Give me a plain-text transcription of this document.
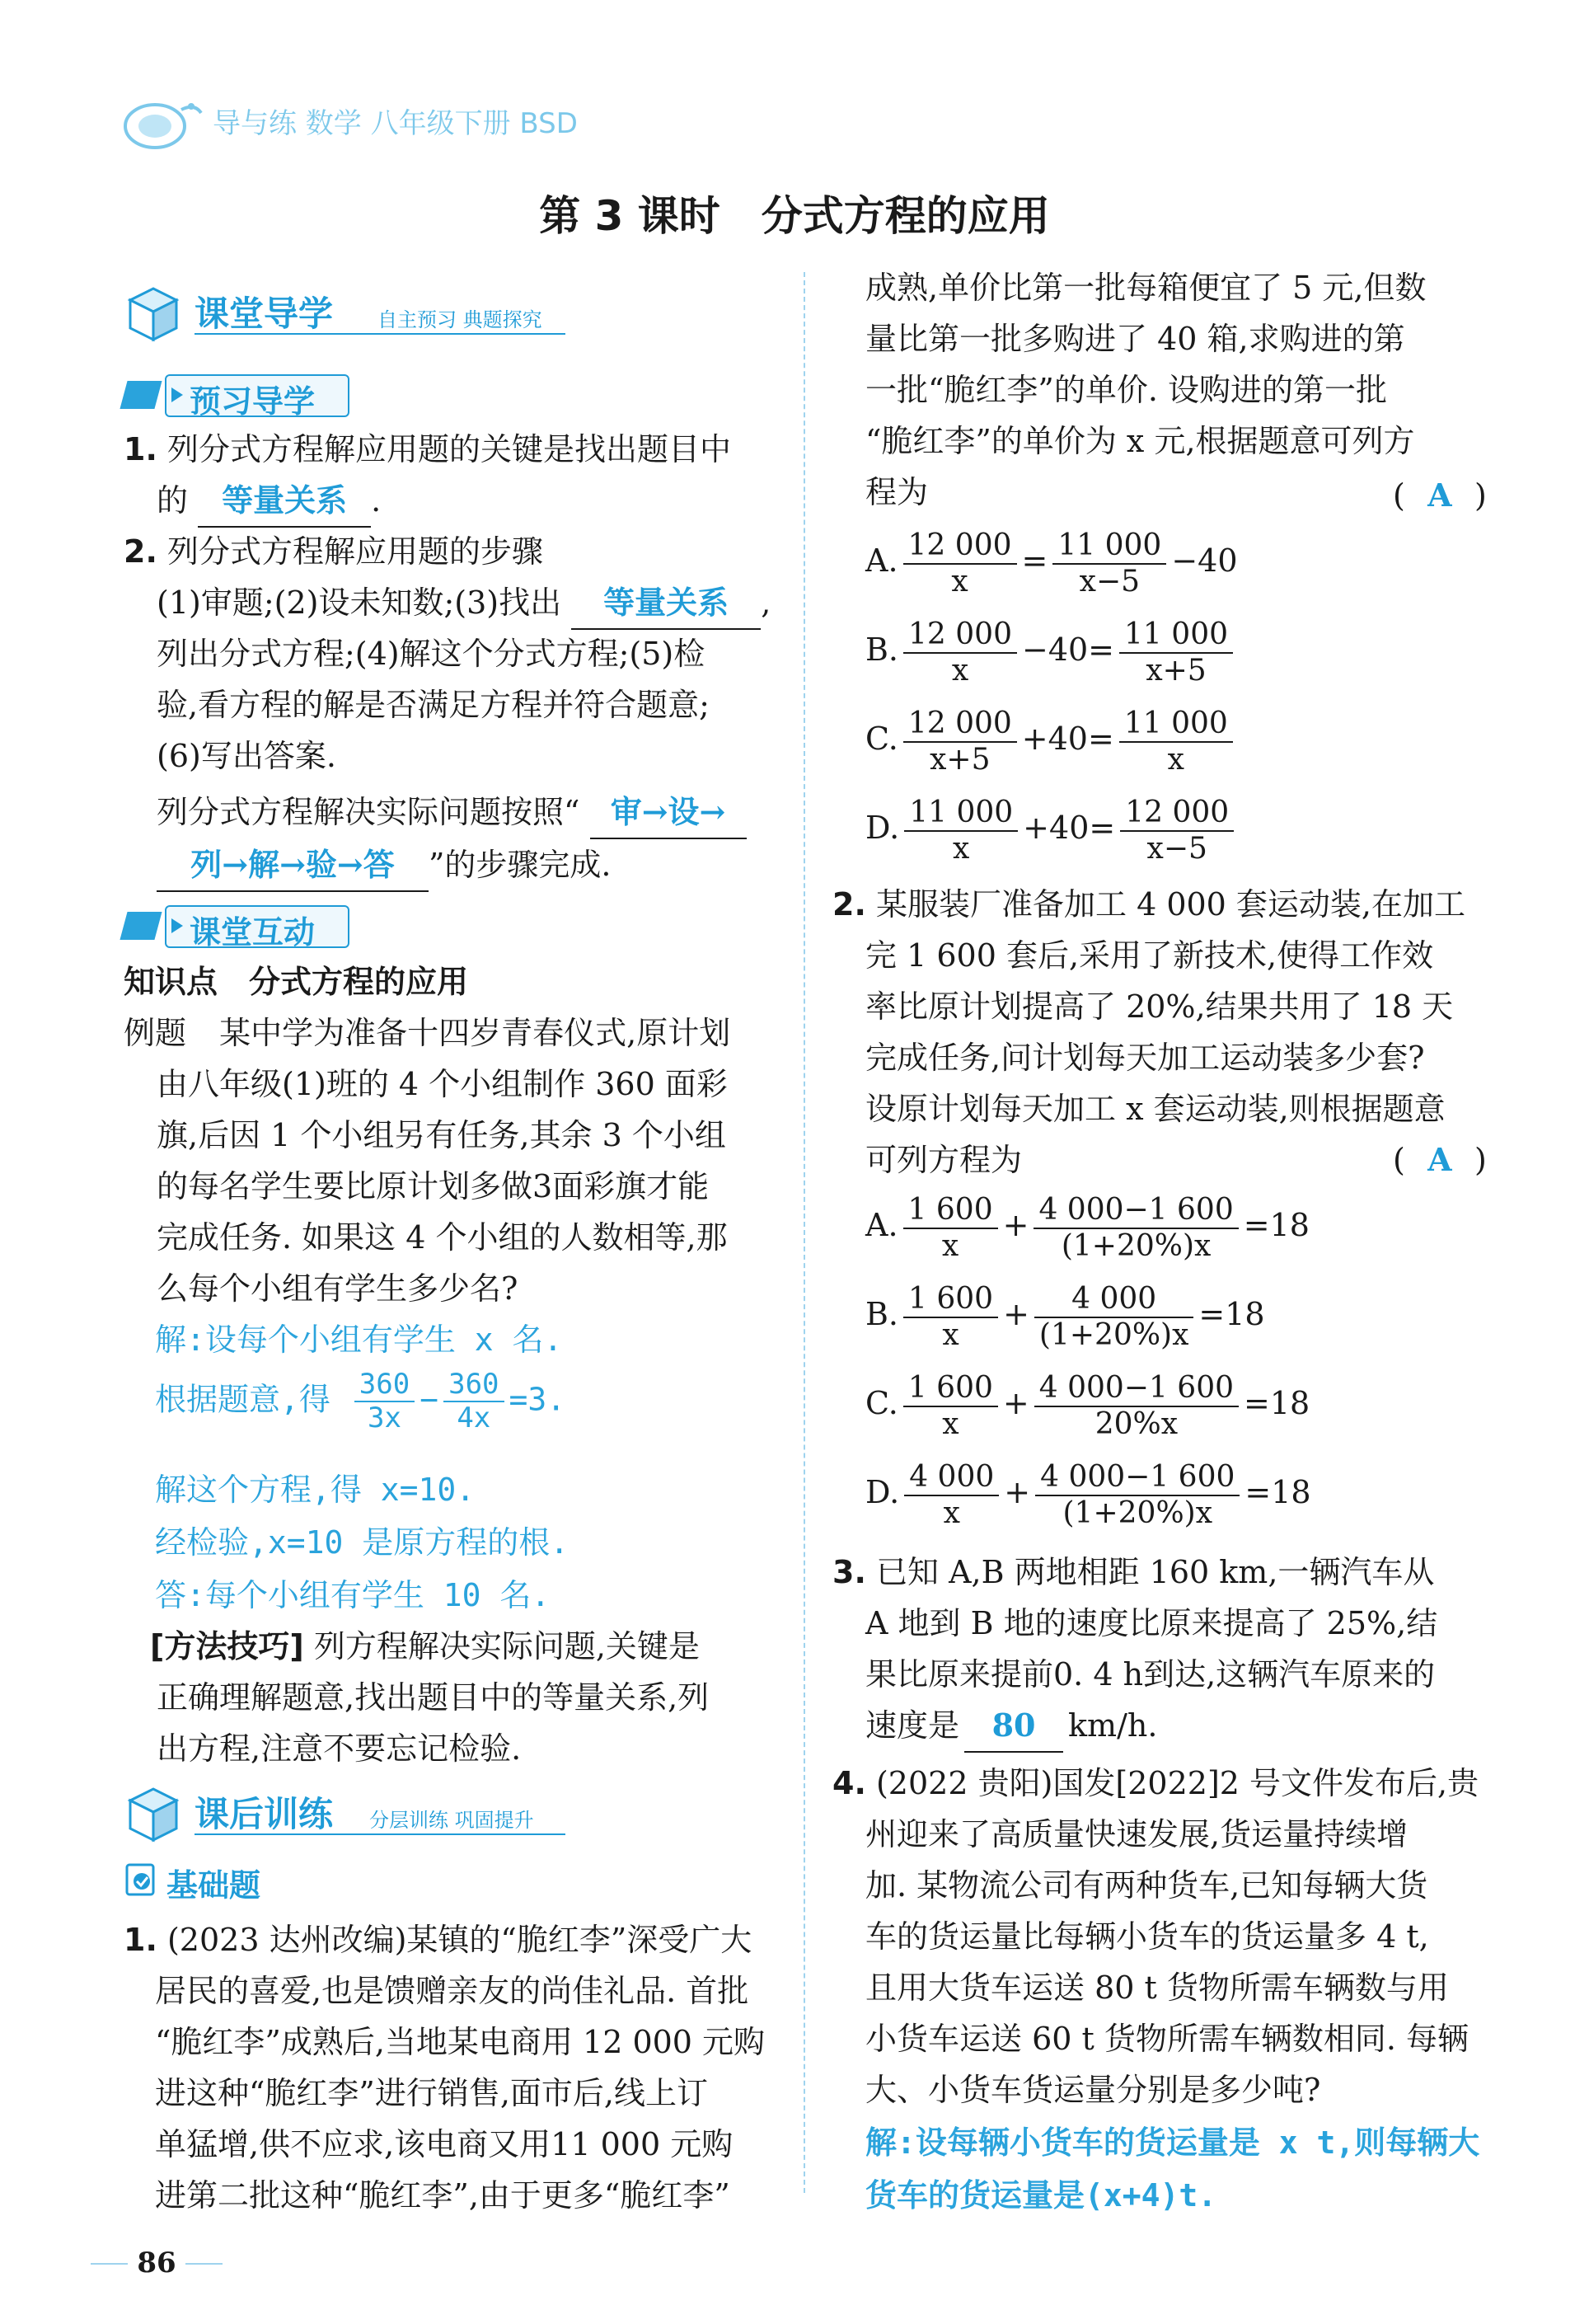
导与练 数学 八年级下册 BSD
第 3 课时　分式方程的应用
课堂导学 自主预习 典题探究
预习导学
1. 列分式方程解应用题的关键是找出题目中
的 等量关系 .
2. 列分式方程解应用题的步骤
(1)审题;(2)设未知数;(3)找出 等量关系 ,
列出分式方程;(4)解这个分式方程;(5)检
验,看方程的解是否满足方程并符合题意;
(6)写出答案.
列分式方程解决实际问题按照“ 审→设→
列→解→验→答 ”的步骤完成.
课堂互动
知识点　分式方程的应用
例题 某中学为准备十四岁青春仪式,原计划
由八年级(1)班的 4 个小组制作 360 面彩
旗,后因 1 个小组另有任务,其余 3 个小组
的每名学生要比原计划多做3面彩旗才能
完成任务. 如果这 4 个小组的人数相等,那
么每个小组有学生多少名?
解:设每个小组有学生 x 名.
根据题意,得 $\frac{360}{3x} - \frac{360}{4x} =3$.
解这个方程,得 x=10.
经检验,x=10 是原方程的根.
答:每个小组有学生 10 名.
[方法技巧] 列方程解决实际问题,关键是
正确理解题意,找出题目中的等量关系,列
出方程,注意不要忘记检验.
课后训练 分层训练 巩固提升
基础题
1. (2023 达州改编)某镇的“脆红李”深受广大
居民的喜爱,也是馈赠亲友的尚佳礼品. 首批
“脆红李”成熟后,当地某电商用 12 000 元购
进这种“脆红李”进行销售,面市后,线上订
单猛增,供不应求,该电商又用11 000 元购
进第二批这种“脆红李”,由于更多“脆红李”
86
成熟,单价比第一批每箱便宜了 5 元,但数
量比第一批多购进了 40 箱,求购进的第
一批“脆红李”的单价. 设购进的第一批
“脆红李”的单价为 x 元,根据题意可列方
程为	( A )
A. $\frac{12 000}{x} = \frac{11 000}{x-5} -40$
B. $\frac{12 000}{x} -40= \frac{11 000}{x+5}$
C. $\frac{12 000}{x+5} +40= \frac{11 000}{x}$
D. $\frac{11 000}{x} +40= \frac{12 000}{x-5}$
2. 某服装厂准备加工 4 000 套运动装,在加工
完 1 600 套后,采用了新技术,使得工作效
率比原计划提高了 20%,结果共用了 18 天
完成任务,问计划每天加工运动装多少套?
设原计划每天加工 x 套运动装,则根据题意
可列方程为	( A )
A. $\frac{1 600}{x} + \frac{4 000-1 600}{(1+20\%)x} =18$
B. $\frac{1 600}{x} + \frac{4 000}{(1+20\%)x} =18$
C. $\frac{1 600}{x} + \frac{4 000-1 600}{20\%x} =18$
D. $\frac{4 000}{x} + \frac{4 000-1 600}{(1+20\%)x} =18$
3. 已知 A,B 两地相距 160 km,一辆汽车从
A 地到 B 地的速度比原来提高了 25%,结
果比原来提前0. 4 h到达,这辆汽车原来的
速度是 80 km/h.
4. (2022 贵阳)国发[2022]2 号文件发布后,贵
州迎来了高质量快速发展,货运量持续增
加. 某物流公司有两种货车,已知每辆大货
车的货运量比每辆小货车的货运量多 4 t,
且用大货车运送 80 t 货物所需车辆数与用
小货车运送 60 t 货物所需车辆数相同. 每辆
大、小货车货运量分别是多少吨?
解:设每辆小货车的货运量是 x t,则每辆大
货车的货运量是(x+4)t.
